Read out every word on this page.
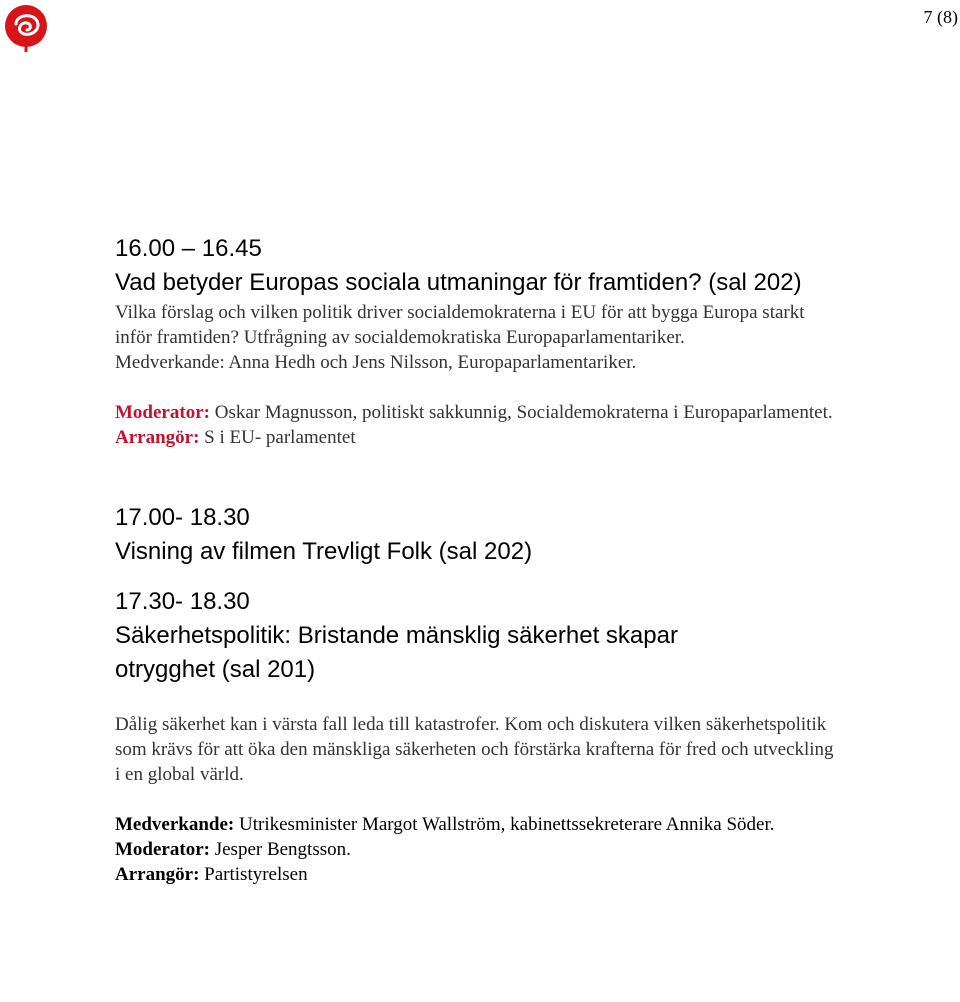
7 (8)

16.00 – 16.45

Vad betyder Europas sociala utmaningar för framtiden? (sal 202)

Vilka förslag och vilken politik driver socialdemokraterna i EU för att bygga Europa starkt inför framtiden? Utfrågning av socialdemokratiska Europaparlamentariker.

Medverkande: Anna Hedh och Jens Nilsson, Europaparlamentariker.

Moderator: Oskar Magnusson, politiskt sakkunnig, Socialdemokraterna i Europaparlamentet.

Arrangör: S i EU- parlamentet

17.00- 18.30

Visning av filmen Trevligt Folk (sal 202)

17.30- 18.30

Säkerhetspolitik: Bristande mänsklig säkerhet skapar otrygghet (sal 201)

Dålig säkerhet kan i värsta fall leda till katastrofer. Kom och diskutera vilken säkerhetspolitik som krävs för att öka den mänskliga säkerheten och förstärka krafterna för fred och utveckling i en global värld.

Medverkande: Utrikesminister Margot Wallström, kabinettssekreterare Annika Söder.

Moderator: Jesper Bengtsson.

Arrangör: Partistyrelsen
